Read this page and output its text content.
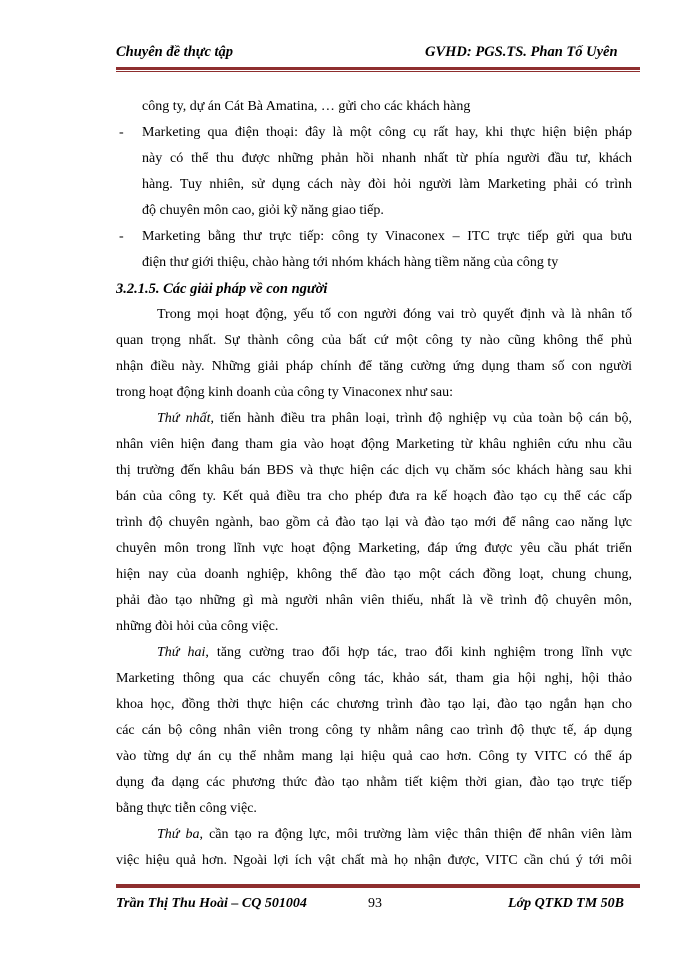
Chuyên đề thực tập	GVHD: PGS.TS. Phan Tố Uyên
công ty, dự án Cát Bà Amatina, … gửi cho các khách hàng
- Marketing qua điện thoại: đây là một công cụ rất hay, khi thực hiện biện pháp
này có thể thu được những phản hồi nhanh nhất từ phía người đầu tư, khách
hàng. Tuy nhiên, sử dụng cách này đòi hỏi người làm Marketing phải có trình
độ chuyên môn cao, giỏi kỹ năng giao tiếp.
- Marketing bằng thư trực tiếp: công ty Vinaconex – ITC trực tiếp gửi qua bưu
điện thư giới thiệu, chào hàng tới nhóm khách hàng tiềm năng của công ty
3.2.1.5. Các giải pháp về con người
Trong mọi hoạt động, yếu tố con người đóng vai trò quyết định và là nhân tố
quan trọng nhất. Sự thành công của bất cứ một công ty nào cũng không thể phủ
nhận điều này. Những giải pháp chính để tăng cường ứng dụng tham số con người
trong hoạt động kinh doanh của công ty Vinaconex như sau:
Thứ nhất, tiến hành điều tra phân loại, trình độ nghiệp vụ của toàn bộ cán bộ,
nhân viên hiện đang tham gia vào hoạt động Marketing từ khâu nghiên cứu nhu cầu
thị trường đến khâu bán BĐS và thực hiện các dịch vụ chăm sóc khách hàng sau khi
bán của công ty. Kết quả điều tra cho phép đưa ra kế hoạch đào tạo cụ thể các cấp
trình độ chuyên ngành, bao gồm cả đào tạo lại và đào tạo mới để nâng cao năng lực
chuyên môn trong lĩnh vực hoạt động Marketing, đáp ứng được yêu cầu phát triển
hiện nay của doanh nghiệp, không thể đào tạo một cách đồng loạt, chung chung,
phải đào tạo những gì mà người nhân viên thiếu, nhất là về trình độ chuyên môn,
những đòi hỏi của công việc.
Thứ hai, tăng cường trao đổi hợp tác, trao đổi kinh nghiệm trong lĩnh vực
Marketing thông qua các chuyến công tác, khảo sát, tham gia hội nghị, hội thảo
khoa học, đồng thời thực hiện các chương trình đào tạo lại, đào tạo ngắn hạn cho
các cán bộ công nhân viên trong công ty nhằm nâng cao trình độ thực tế, áp dụng
vào từng dự án cụ thể nhằm mang lại hiệu quả cao hơn. Công ty VITC có thể áp
dụng đa dạng các phương thức đào tạo nhằm tiết kiệm thời gian, đào tạo trực tiếp
bằng thực tiễn công việc.
Thứ ba, cần tạo ra động lực, môi trường làm việc thân thiện để nhân viên làm
việc hiệu quả hơn. Ngoài lợi ích vật chất mà họ nhận được, VITC cần chú ý tới môi
Trần Thị Thu Hoài – CQ 501004	93	Lớp QTKD TM 50B
